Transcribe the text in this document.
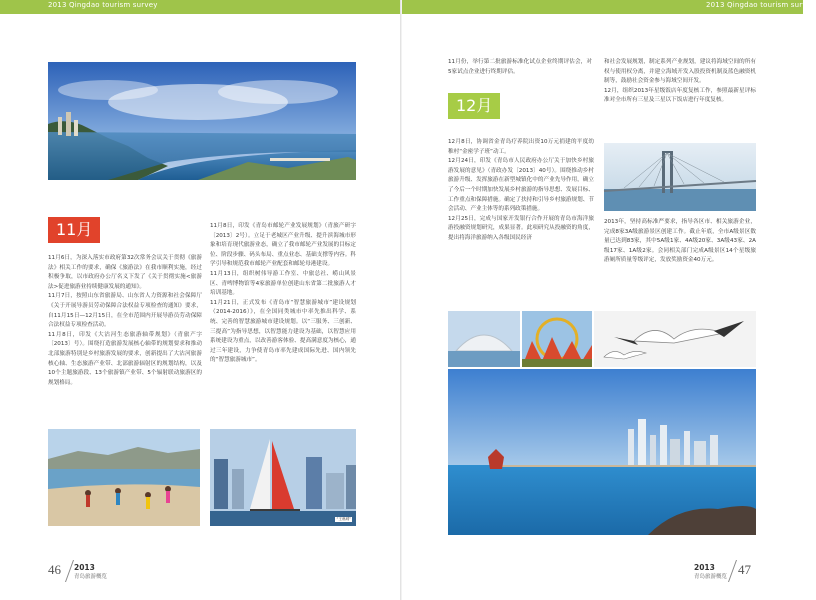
2013 Qingdao tourism survey
11月
11月6日，为深入落实市政府第32次常务会议关于贯彻《旅游法》相关工作的要求，确保《旅游法》在我市顺利实施，经过积极争取，以市政府办公厅名义下发了《关于贯彻实施<旅游法>促进旅游业持续健康发展的通知》。
11月7日，按照山东省旅游局、山东省人力资源和社会保障厅《关于开展导游员劳动保障合法权益专项检查的通知》要求，自11月15日—12月15日，在全市范围内开展导游员劳动保障合法权益专项检查活动。
11月8日，印发《大沽河生态旅游轴带规划》（青旅产字〔2013〕号）。围绕打造旅游发展核心轴带的规划要求和推动北部旅游特别是乡村旅游发展的要求，创新提出了大沽河旅游核心轴、生态旅游产业带、北部旅游辐射区的规划结构，以及10个主题旅游段、13个旅游镇产业带、5个辐射联动旅游区的规划格局。
11月8日，印发《青岛市邮轮产业发展规划》（青旅产研字〔2013〕2号）。立足于老城区产业升级、提升滨海城市形象和培育现代旅游业态，确立了我市邮轮产业发展的目标定位、阶段步骤、码头布局、重点业态、基础支撑等内容。科学引导和规范我市邮轮产业配套和邮轮母港建设。
11月13日，组织树伟导游工作室、中旅总社、崂山风景区、青啤博物馆等4家旅游单位创建山东省第二批旅游人才培训基地。
11月21日，正式发布《青岛市“智慧旅游城市”建设规划（2014-2016）》，在全国同类城市中率先推出科学、系统、完善的智慧旅游城市建设规划。以“三服务、三创新、三提高”为指导思想，以智慧能力建设为基础，以智慧应用系统建设为重点，以改善游客体验、提高满意度为核心，通过三年建设，力争使青岛市率先建成国际先进、国内领先的“智慧旅游城市”。
“王谯城”
46 2013
青岛旅游概览
2013 Qingdao tourism survey
11月份，举行第二批旅游标准化试点企业终期评估会，对5家试点企业进行终期评估。
12月
12月8日，协调省金青岛疗养院出资10万元捐建的平度幼稚村“金密学子班”动工。
12月24日，印发《青岛市人民政府办公厅关于加快乡村旅游发展的意见》（青政办发〔2013〕40号）。围绕推动乡村旅游升级、发挥旅游在新型城镇化中的产业先导作用，确立了今后一个时期加快发展乡村旅游的指导思想、发展目标、工作重点和保障措施。确定了扶持和引导乡村旅游规划、节会活动、产业主体等的系列政策措施。
12月25日，完成与国家开发银行合作开展的青岛市海洋旅游投融资规划研究，成果显著。此项研究从投融资的角度，提出将海洋旅游纳入各级国民经济
和社会发展规划，制定系列产业规划，建议将海域空间的所有权与使用权分离，并建立海域开发入股投资机制及蓝色融资机制等，鼓励社会资金参与海域空间开发。
12月，组织2013年星级饭店年度复核工作，参照最新星评标准对全市所有三星及三星以下饭店进行年度复核。
2013年，坚持高标准严要求，指导各区市、相关旅游企业，完成8家3A级旅游景区创建工作。截止年底，全市A级景区数量已达到83家，其中5A级1家、4A级20家、3A级43家、2A级17家、1A级2家。会同相关部门完成A级景区14个星级旅游厕所质量等级评定，发放奖励资金40万元。
2013
青岛旅游概览 47
